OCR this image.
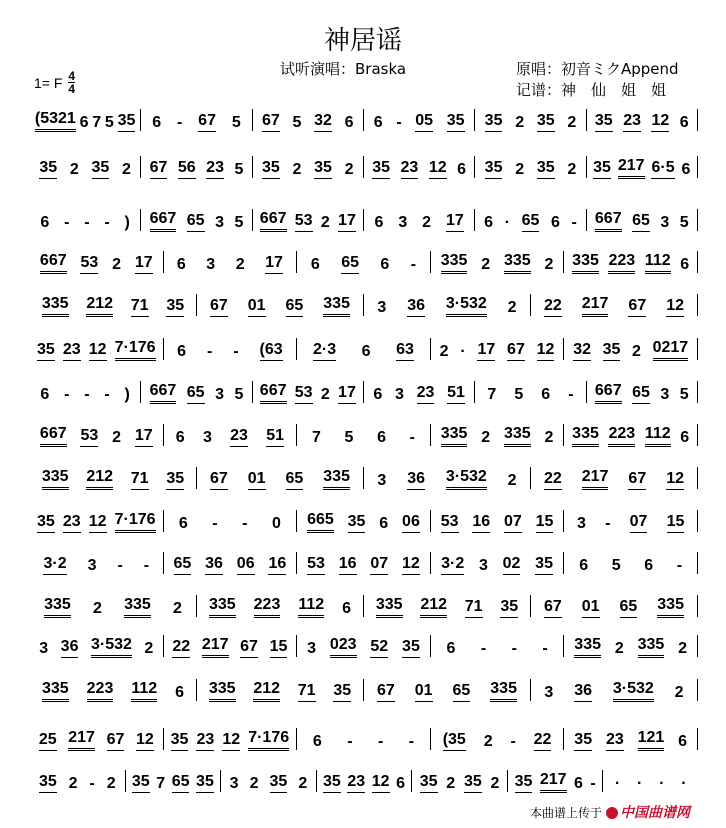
神居谣
试听演唱：Braska	原唱：初音ミクAppend
记谱：神　仙　姐　姐
1= F $\frac{4}{4}$
(5321 6 7 5 35 6 - 67 5 67 5 32 6 6 - 05 35 35 2 35 2 35 23 12 6
35 2 35 2 67 56 23 5 35 2 35 2 35 23 12 6 35 2 35 2 35 217 6·5 6
6 - - - ) 667 65 3 5 667 53 2 17 6 3 2 17 6 · 65 6 - 667 65 3 5
667 53 2 17 6 3 2 17 6 65 6 - 335 2 335 2 335 223 112 6
335 212 71 35 67 01 65 335 3 36 3·532 2 22 217 67 12
35 23 12 7·176 6 - - (63 2·3 6 63 2 · 17 67 12 32 35 2 0217
6 - - - ) 667 65 3 5 667 53 2 17 6 3 23 51 7 5 6 - 667 65 3 5
667 53 2 17 6 3 23 51 7 5 6 - 335 2 335 2 335 223 112 6
335 212 71 35 67 01 65 335 3 36 3·532 2 22 217 67 12
35 23 12 7·176 6 - - 0 665 35 6 06 53 16 07 15 3 - 07 15
3·2 3 - - 65 36 06 16 53 16 07 12 3·2 3 02 35 6 5 6 -
335 2 335 2 335 223 112 6 335 212 71 35 67 01 65 335
3 36 3·532 2 22 217 67 15 3 023 52 35 6 - - - 335 2 335 2
335 223 112 6 335 212 71 35 67 01 65 335 3 36 3·532 2
25 217 67 12 35 23 12 7·176 6 - - - (35 2 - 22 35 23 121 6
35 2 - 2 35 7 65 35 3 2 35 2 35 23 12 6 35 2 35 2 35 217 6 - · · · ·
本曲谱上传于	中国曲谱网
